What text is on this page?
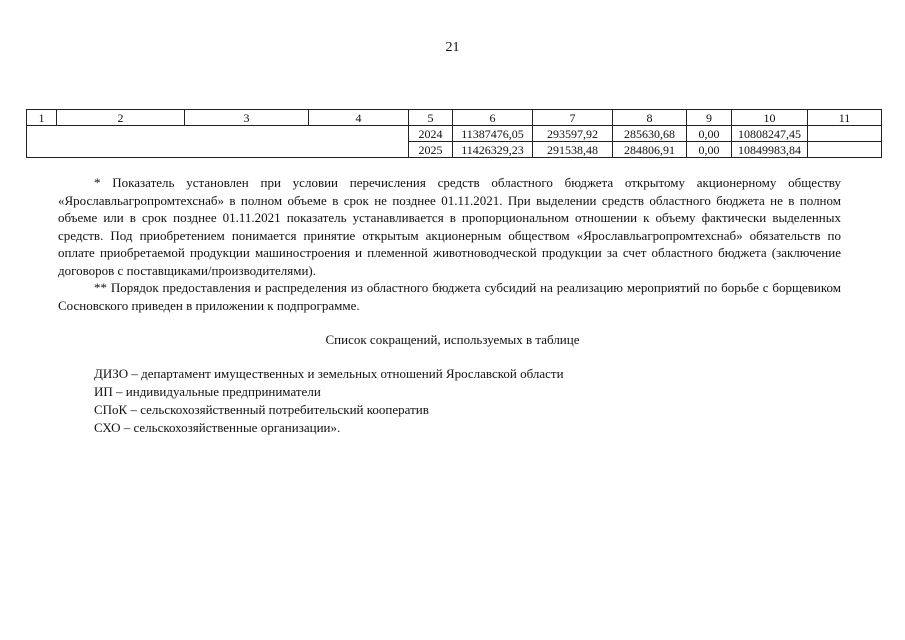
21
1	2	3	4	5	6	7	8	9	10	11
				2024	11387476,05	293597,92	285630,68	0,00	10808247,45	
				2025	11426329,23	291538,48	284806,91	0,00	10849983,84	

* Показатель установлен при условии перечисления средств областного бюджета открытому акционерному обществу «Ярославльагропромтехснаб» в полном объеме в срок не позднее 01.11.2021. При выделении средств областного бюджета не в полном объеме или в срок позднее 01.11.2021 показатель устанавливается в пропорциональном отношении к объему фактически выделенных средств. Под приобретением понимается принятие открытым акционерным обществом «Ярославльагропромтехснаб» обязательств по оплате приобретаемой продукции машиностроения и племенной животноводческой продукции за счет областного бюджета (заключение договоров с поставщиками/производителями).

** Порядок предоставления и распределения из областного бюджета субсидий на реализацию мероприятий по борьбе с борщевиком Сосновского приведен в приложении к подпрограмме.

Список сокращений, используемых в таблице
ДИЗО – департамент имущественных и земельных отношений Ярославской области
ИП – индивидуальные предприниматели
СПоК – сельскохозяйственный потребительский кооператив
СХО – сельскохозяйственные организации».
